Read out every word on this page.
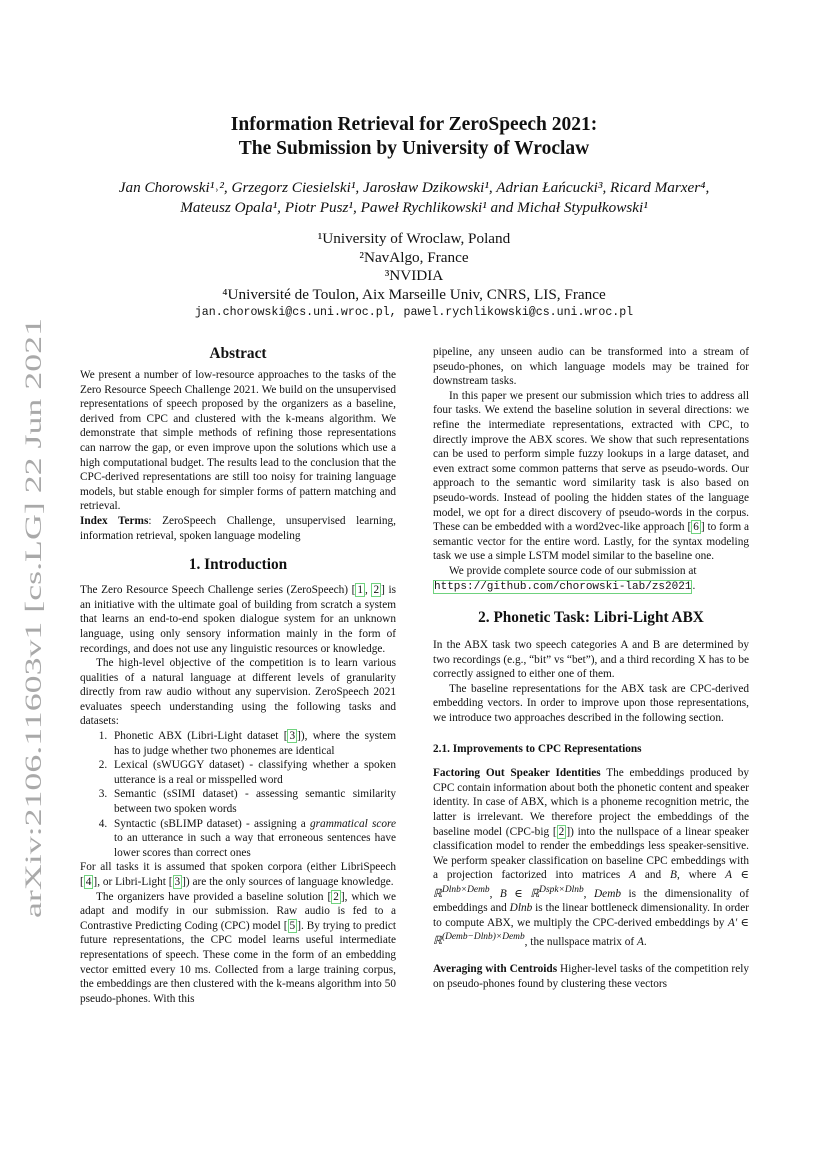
arXiv:2106.11603v1 [cs.LG] 22 Jun 2021
Information Retrieval for ZeroSpeech 2021:
The Submission by University of Wroclaw
Jan Chorowski¹˒², Grzegorz Ciesielski¹, Jarosław Dzikowski¹, Adrian Łańcucki³, Ricard Marxer⁴,
Mateusz Opala¹, Piotr Pusz¹, Paweł Rychlikowski¹ and Michał Stypułkowski¹
¹University of Wroclaw, Poland
²NavAlgo, France
³NVIDIA
⁴Université de Toulon, Aix Marseille Univ, CNRS, LIS, France
jan.chorowski@cs.uni.wroc.pl, pawel.rychlikowski@cs.uni.wroc.pl
Abstract

We present a number of low-resource approaches to the tasks of the Zero Resource Speech Challenge 2021. We build on the unsupervised representations of speech proposed by the organizers as a baseline, derived from CPC and clustered with the k-means algorithm. We demonstrate that simple methods of refining those representations can narrow the gap, or even improve upon the solutions which use a high computational budget. The results lead to the conclusion that the CPC-derived representations are still too noisy for training language models, but stable enough for simpler forms of pattern matching and retrieval.

Index Terms: ZeroSpeech Challenge, unsupervised learning, information retrieval, spoken language modeling

1. Introduction

The Zero Resource Speech Challenge series (ZeroSpeech) [ 1 , 2 ] is an initiative with the ultimate goal of building from scratch a system that learns an end-to-end spoken dialogue system for an unknown language, using only sensory information mainly in the form of recordings, and does not use any linguistic resources or knowledge.

The high-level objective of the competition is to learn various qualities of a natural language at different levels of granularity directly from raw audio without any supervision. ZeroSpeech 2021 evaluates speech understanding using the following tasks and datasets:

1. Phonetic ABX (Libri-Light dataset [ 3 ]), where the system has to judge whether two phonemes are identical
2. Lexical (sWUGGY dataset) - classifying whether a spoken utterance is a real or misspelled word
3. Semantic (sSIMI dataset) - assessing semantic similarity between two spoken words
4. Syntactic (sBLIMP dataset) - assigning a grammatical score to an utterance in such a way that erroneous sentences have lower scores than correct ones

For all tasks it is assumed that spoken corpora (either LibriSpeech [ 4 ], or Libri-Light [ 3 ]) are the only sources of language knowledge.

The organizers have provided a baseline solution [ 2 ], which we adapt and modify in our submission. Raw audio is fed to a Contrastive Predicting Coding (CPC) model [ 5 ]. By trying to predict future representations, the CPC model learns useful intermediate representations of speech. These come in the form of an embedding vector emitted every 10 ms. Collected from a large training corpus, the embeddings are then clustered with the k-means algorithm into 50 pseudo-phones. With this

pipeline, any unseen audio can be transformed into a stream of pseudo-phones, on which language models may be trained for downstream tasks.

In this paper we present our submission which tries to address all four tasks. We extend the baseline solution in several directions: we refine the intermediate representations, extracted with CPC, to directly improve the ABX scores. We show that such representations can be used to perform simple fuzzy lookups in a large dataset, and even extract some common patterns that serve as pseudo-words. Our approach to the semantic word similarity task is also based on pseudo-words. Instead of pooling the hidden states of the language model, we opt for a direct discovery of pseudo-words in the corpus. These can be embedded with a word2vec-like approach [ 6 ] to form a semantic vector for the entire word. Lastly, for the syntax modeling task we use a simple LSTM model similar to the baseline one.

We provide complete source code of our submission at
https://github.com/chorowski-lab/zs2021.

2. Phonetic Task: Libri-Light ABX

In the ABX task two speech categories A and B are determined by two recordings (e.g., “bit” vs “bet”), and a third recording X has to be correctly assigned to either one of them.

The baseline representations for the ABX task are CPC-derived embedding vectors. In order to improve upon those representations, we introduce two approaches described in the following section.

2.1. Improvements to CPC Representations

Factoring Out Speaker Identities The embeddings produced by CPC contain information about both the phonetic content and speaker identity. In case of ABX, which is a phoneme recognition metric, the latter is irrelevant. We therefore project the embeddings of the baseline model (CPC-big [ 2 ]) into the nullspace of a linear speaker classification model to render the embeddings less speaker-sensitive. We perform speaker classification on baseline CPC embeddings with a projection factorized into matrices A and B, where A ∈ ℝ$^{Dlnb\times Demb}$, B ∈ ℝ$^{Dspk\times Dlnb}$, Demb is the dimensionality of embeddings and Dlnb is the linear bottleneck dimensionality. In order to compute ABX, we multiply the CPC-derived embeddings by A′ ∈ ℝ$^{(Demb-Dlnb)\times Demb}$, the nullspace matrix of A.

Averaging with Centroids Higher-level tasks of the competition rely on pseudo-phones found by clustering these vectors
